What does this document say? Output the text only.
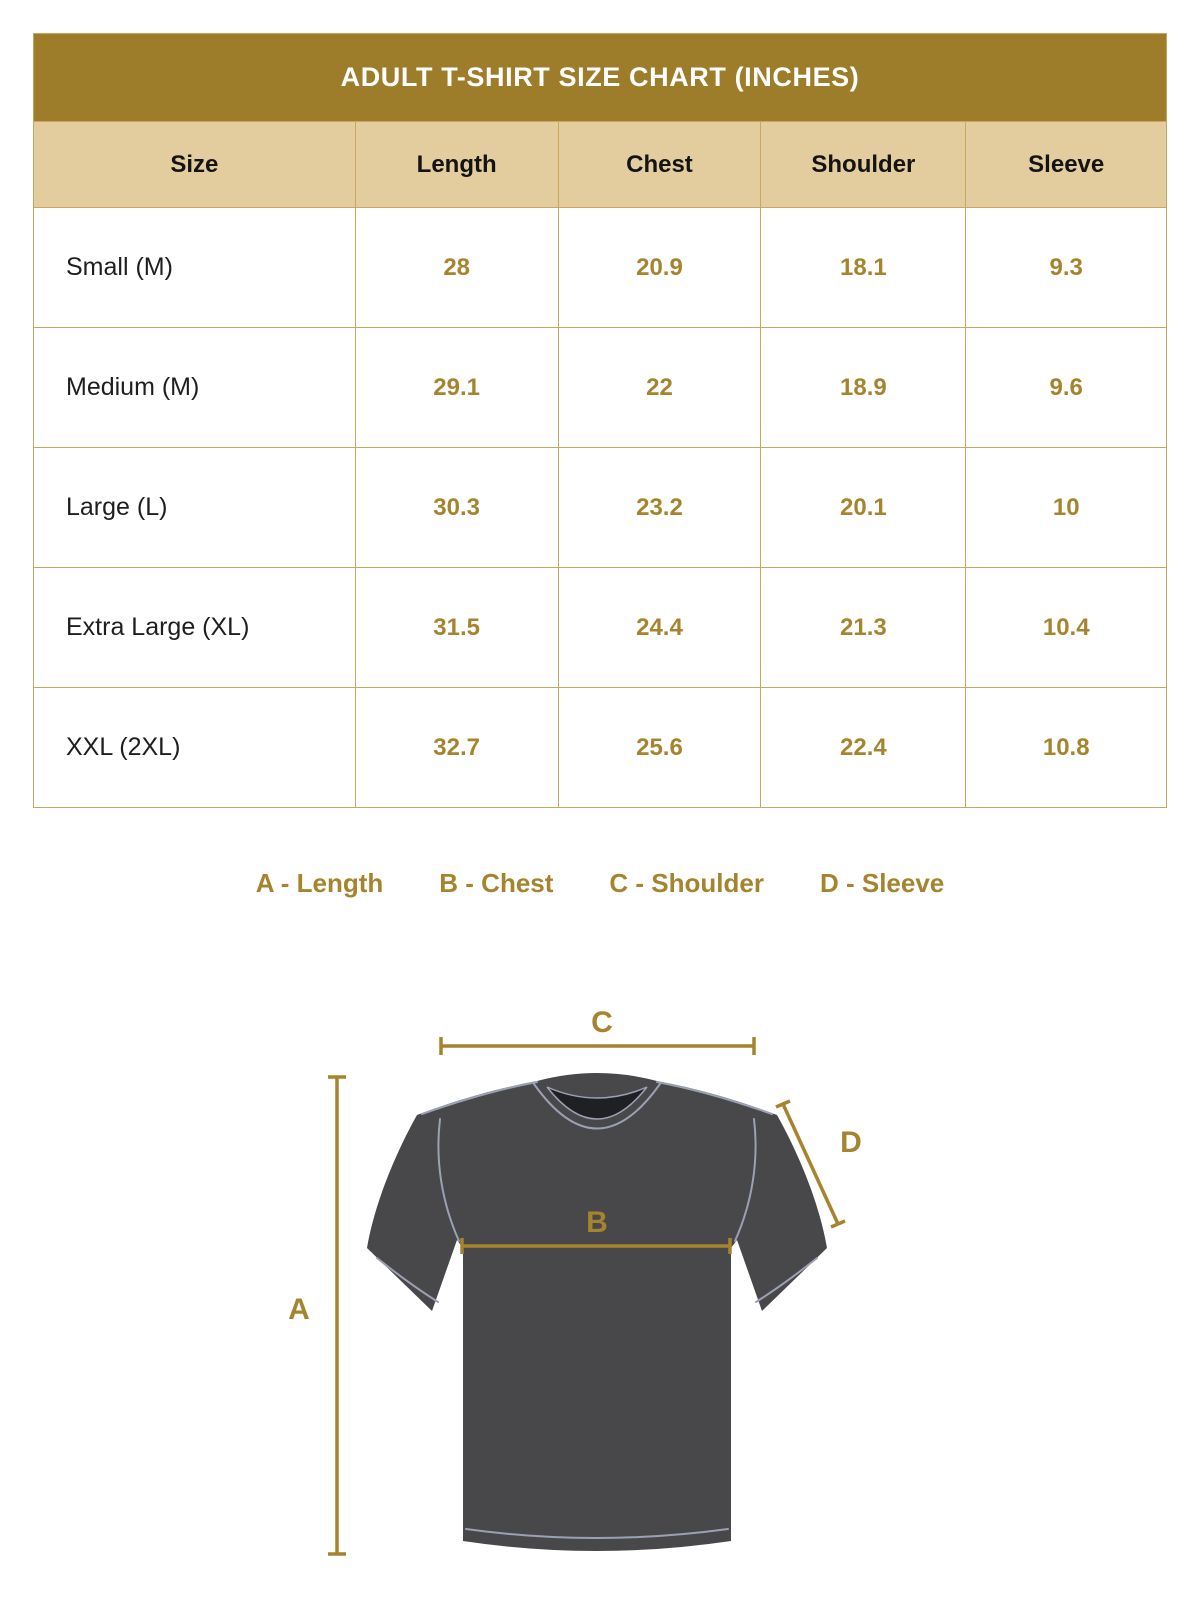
ADULT T-SHIRT SIZE CHART (INCHES)				
Size	Length	Chest	Shoulder	Sleeve
Small (M)	28	20.9	18.1	9.3
Medium (M)	29.1	22	18.9	9.6
Large (L)	30.3	23.2	20.1	10
Extra Large (XL)	31.5	24.4	21.3	10.4
XXL (2XL)	32.7	25.6	22.4	10.8
A - Length B - Chest C - Shoulder D - Sleeve
C
A
B
D
